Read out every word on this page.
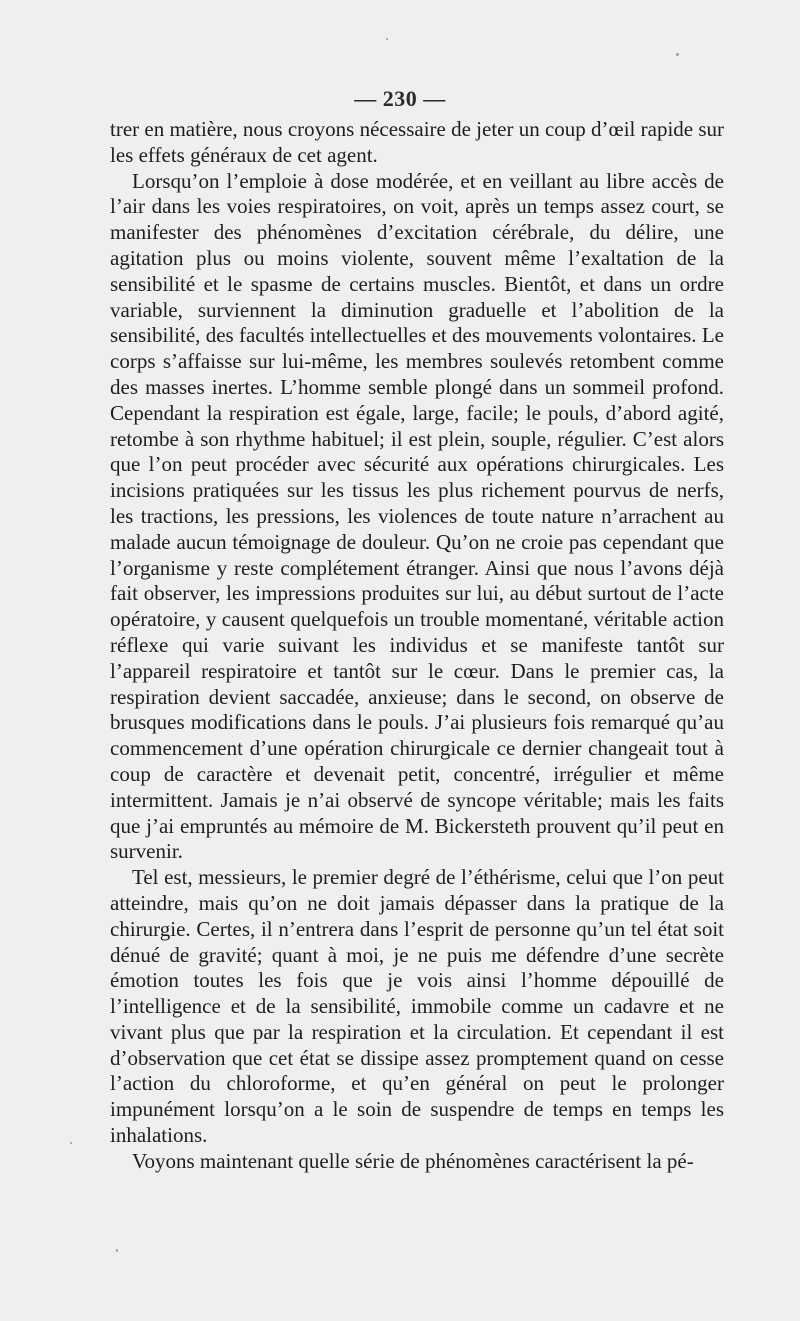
— 230 —

trer en matière, nous croyons nécessaire de jeter un coup d’œil rapide sur les effets généraux de cet agent.

Lorsqu’on l’emploie à dose modérée, et en veillant au libre accès de l’air dans les voies respiratoires, on voit, après un temps assez court, se manifester des phénomènes d’excitation cérébrale, du délire, une agitation plus ou moins violente, souvent même l’exaltation de la sensibilité et le spasme de certains muscles. Bientôt, et dans un ordre variable, surviennent la diminution graduelle et l’abolition de la sensibilité, des facultés intellectuelles et des mouvements volontaires. Le corps s’affaisse sur lui-même, les membres soulevés retombent comme des masses inertes. L’homme semble plongé dans un sommeil profond. Cependant la respiration est égale, large, facile; le pouls, d’abord agité, retombe à son rhythme habituel; il est plein, souple, régulier. C’est alors que l’on peut procéder avec sécurité aux opérations chirurgicales. Les incisions pratiquées sur les tissus les plus richement pourvus de nerfs, les tractions, les pressions, les violences de toute nature n’arrachent au malade aucun témoignage de douleur. Qu’on ne croie pas cependant que l’organisme y reste complétement étranger. Ainsi que nous l’avons déjà fait observer, les impressions produites sur lui, au début surtout de l’acte opératoire, y causent quelquefois un trouble momentané, véritable action réflexe qui varie suivant les individus et se manifeste tantôt sur l’appareil respiratoire et tantôt sur le cœur. Dans le premier cas, la respiration devient saccadée, anxieuse; dans le second, on observe de brusques modifications dans le pouls. J’ai plusieurs fois remarqué qu’au commencement d’une opération chirurgicale ce dernier changeait tout à coup de caractère et devenait petit, concentré, irrégulier et même intermittent. Jamais je n’ai observé de syncope véritable; mais les faits que j’ai empruntés au mémoire de M. Bickersteth prouvent qu’il peut en survenir.

Tel est, messieurs, le premier degré de l’éthérisme, celui que l’on peut atteindre, mais qu’on ne doit jamais dépasser dans la pratique de la chirurgie. Certes, il n’entrera dans l’esprit de personne qu’un tel état soit dénué de gravité; quant à moi, je ne puis me défendre d’une secrète émotion toutes les fois que je vois ainsi l’homme dépouillé de l’intelligence et de la sensibilité, immobile comme un cadavre et ne vivant plus que par la respiration et la circulation. Et cependant il est d’observation que cet état se dissipe assez promptement quand on cesse l’action du chloroforme, et qu’en général on peut le prolonger impunément lorsqu’on a le soin de suspendre de temps en temps les inhalations.

Voyons maintenant quelle série de phénomènes caractérisent la pé-
